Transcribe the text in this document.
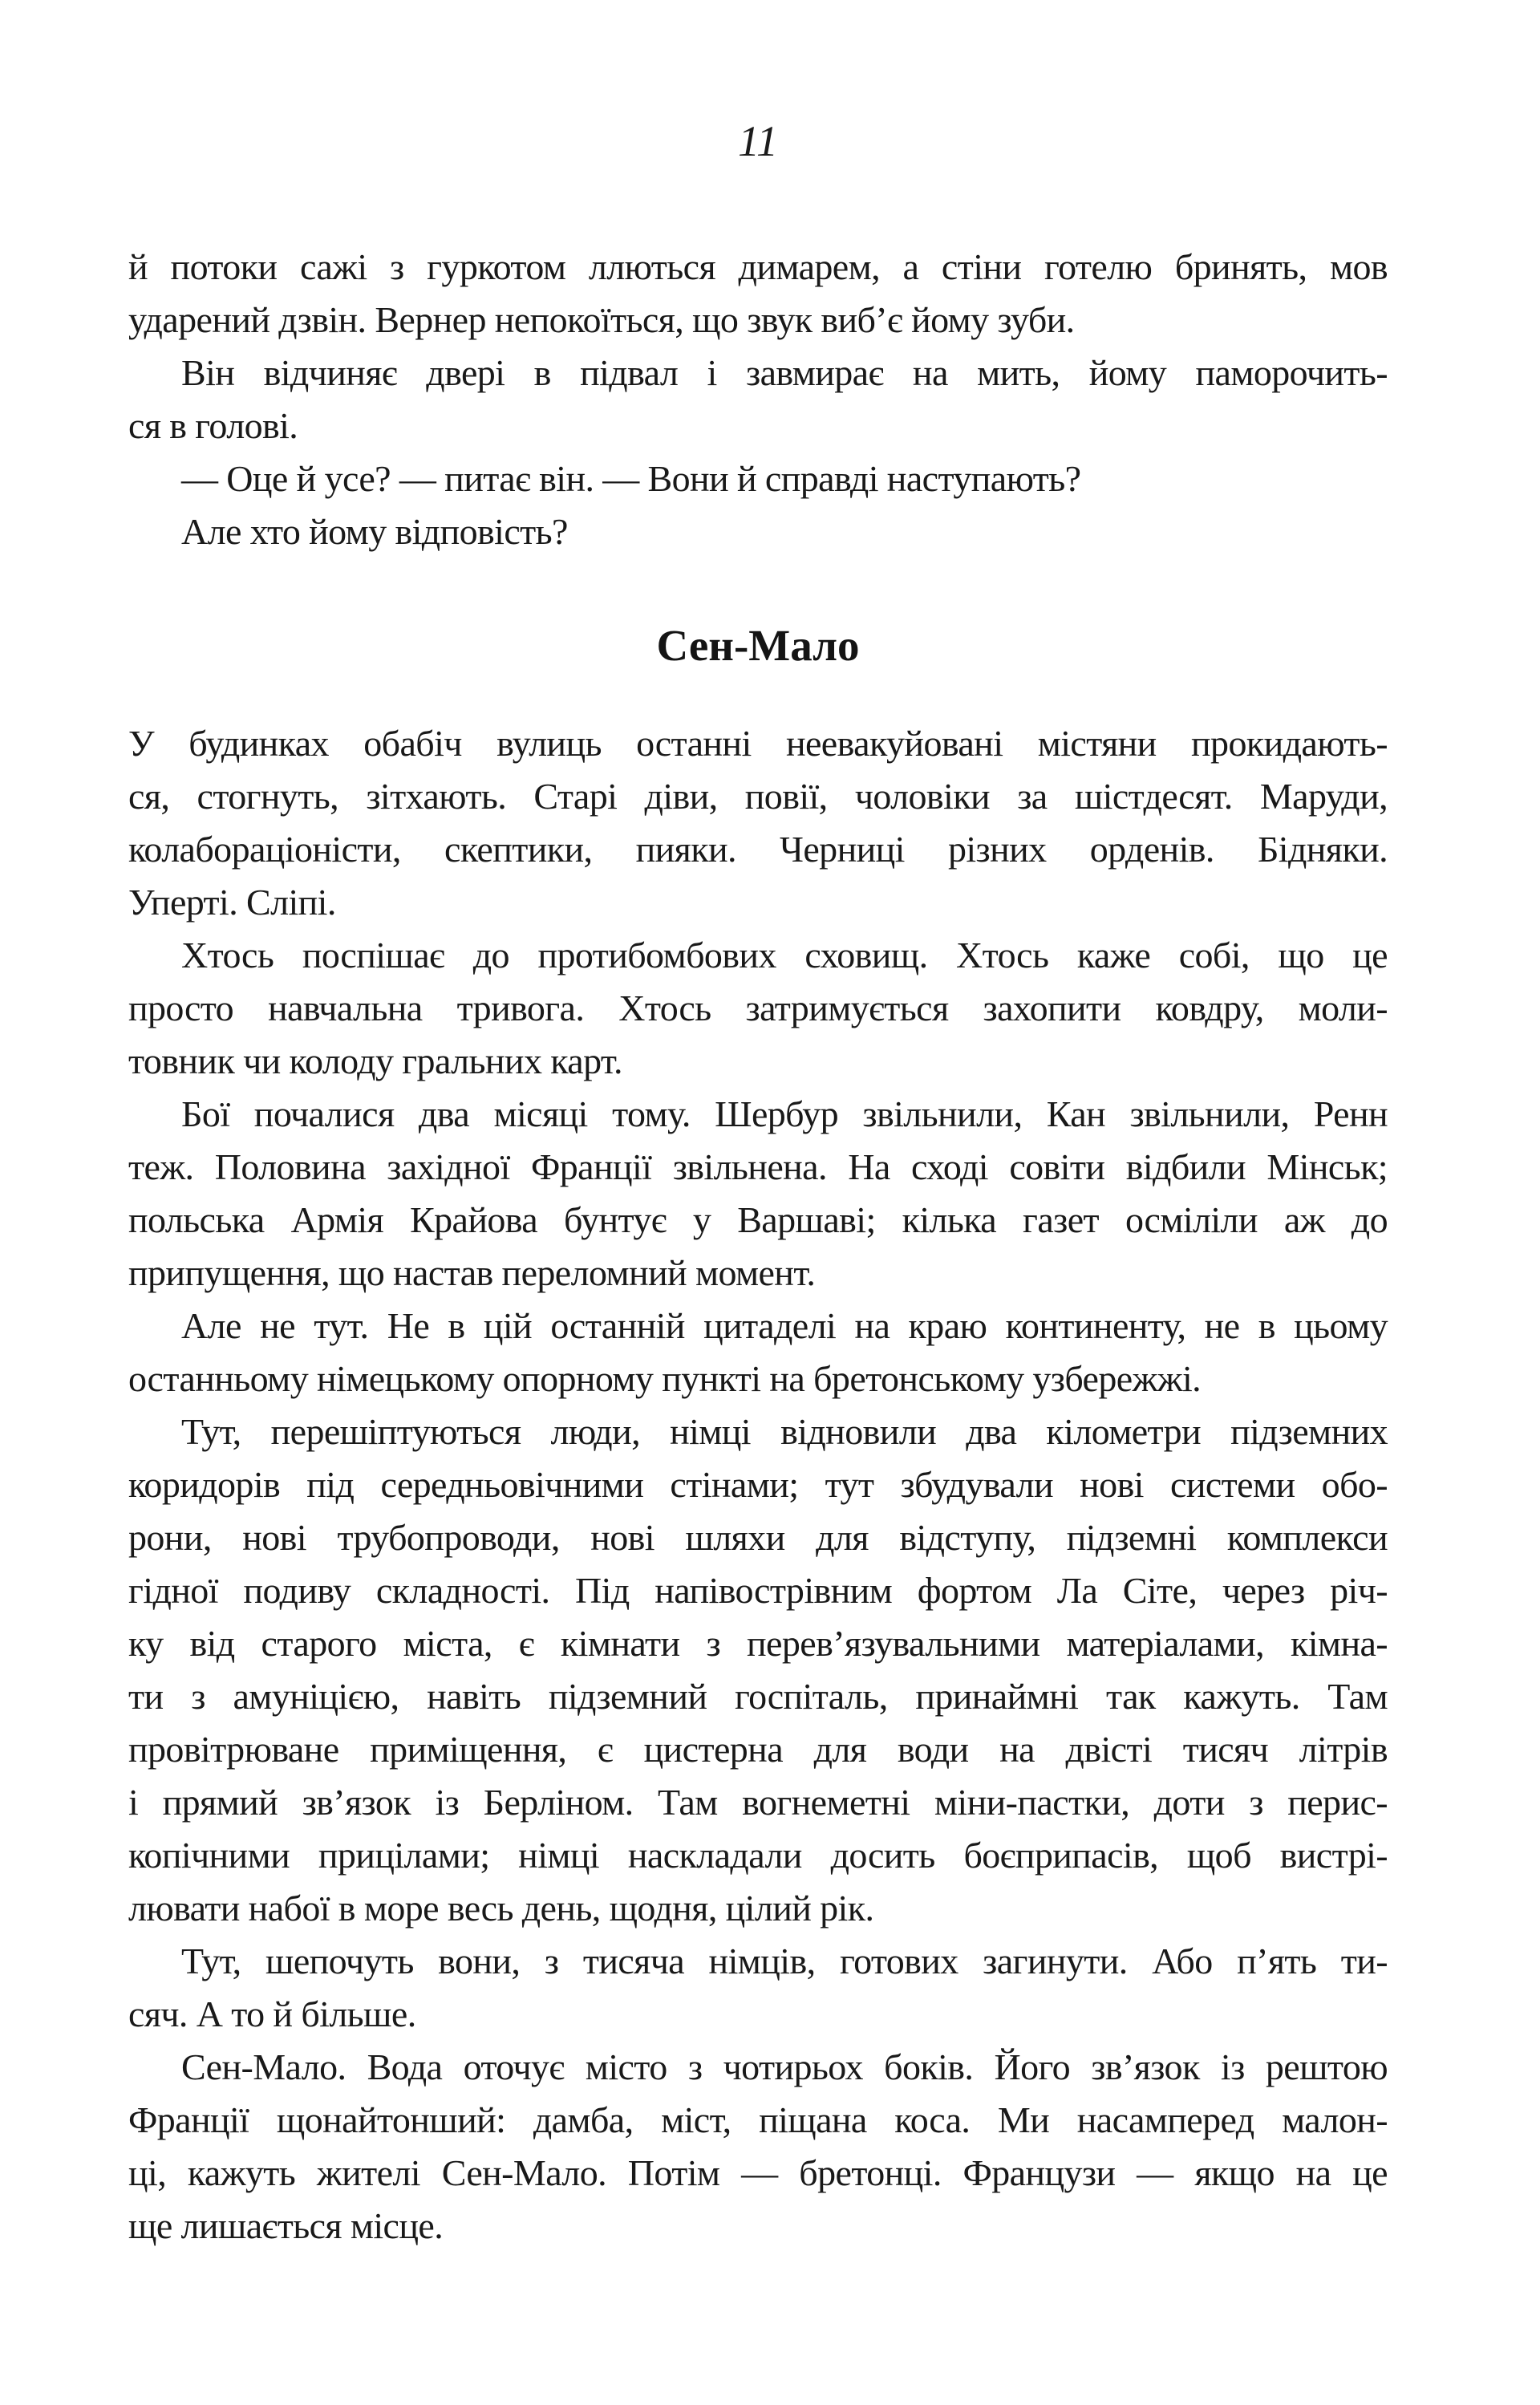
11
й потоки сажі з гуркотом ллються димарем, а стіни готелю бринять, мов
ударений дзвін. Вернер непокоїться, що звук виб’є йому зуби.
Він відчиняє двері в підвал і завмирає на мить, йому паморочить-
ся в голові.
— Оце й усе? — питає він. — Вони й справді наступають?
Але хто йому відповість?
Сен-Мало
У будинках обабіч вулиць останні неевакуйовані містяни прокидають-
ся, стогнуть, зітхають. Старі діви, повії, чоловіки за шістдесят. Маруди,
колабораціоністи, скептики, пияки. Черниці різних орденів. Бідняки.
Уперті. Сліпі.
Хтось поспішає до протибомбових сховищ. Хтось каже собі, що це
просто навчальна тривога. Хтось затримується захопити ковдру, моли-
товник чи колоду гральних карт.
Бої почалися два місяці тому. Шербур звільнили, Кан звільнили, Ренн
теж. Половина західної Франції звільнена. На сході совіти відбили Мінськ;
польська Армія Крайова бунтує у Варшаві; кілька газет осміліли аж до
припущення, що настав переломний момент.
Але не тут. Не в цій останній цитаделі на краю континенту, не в цьому
останньому німецькому опорному пункті на бретонському узбережжі.
Тут, перешіптуються люди, німці відновили два кілометри підземних
коридорів під середньовічними стінами; тут збудували нові системи обо-
рони, нові трубопроводи, нові шляхи для відступу, підземні комплекси
гідної подиву складності. Під напівострівним фортом Ла Сіте, через річ-
ку від старого міста, є кімнати з перев’язувальними матеріалами, кімна-
ти з амуніцією, навіть підземний госпіталь, принаймні так кажуть. Там
провітрюване приміщення, є цистерна для води на двісті тисяч літрів
і прямий зв’язок із Берліном. Там вогнеметні міни-пастки, доти з перис-
копічними прицілами; німці наскладали досить боєприпасів, щоб вистрі-
лювати набої в море весь день, щодня, цілий рік.
Тут, шепочуть вони, з тисяча німців, готових загинути. Або п’ять ти-
сяч. А то й більше.
Сен-Мало. Вода оточує місто з чотирьох боків. Його зв’язок із рештою
Франції щонайтонший: дамба, міст, піщана коса. Ми насамперед малон-
ці, кажуть жителі Сен-Мало. Потім — бретонці. Французи — якщо на це
ще лишається місце.
